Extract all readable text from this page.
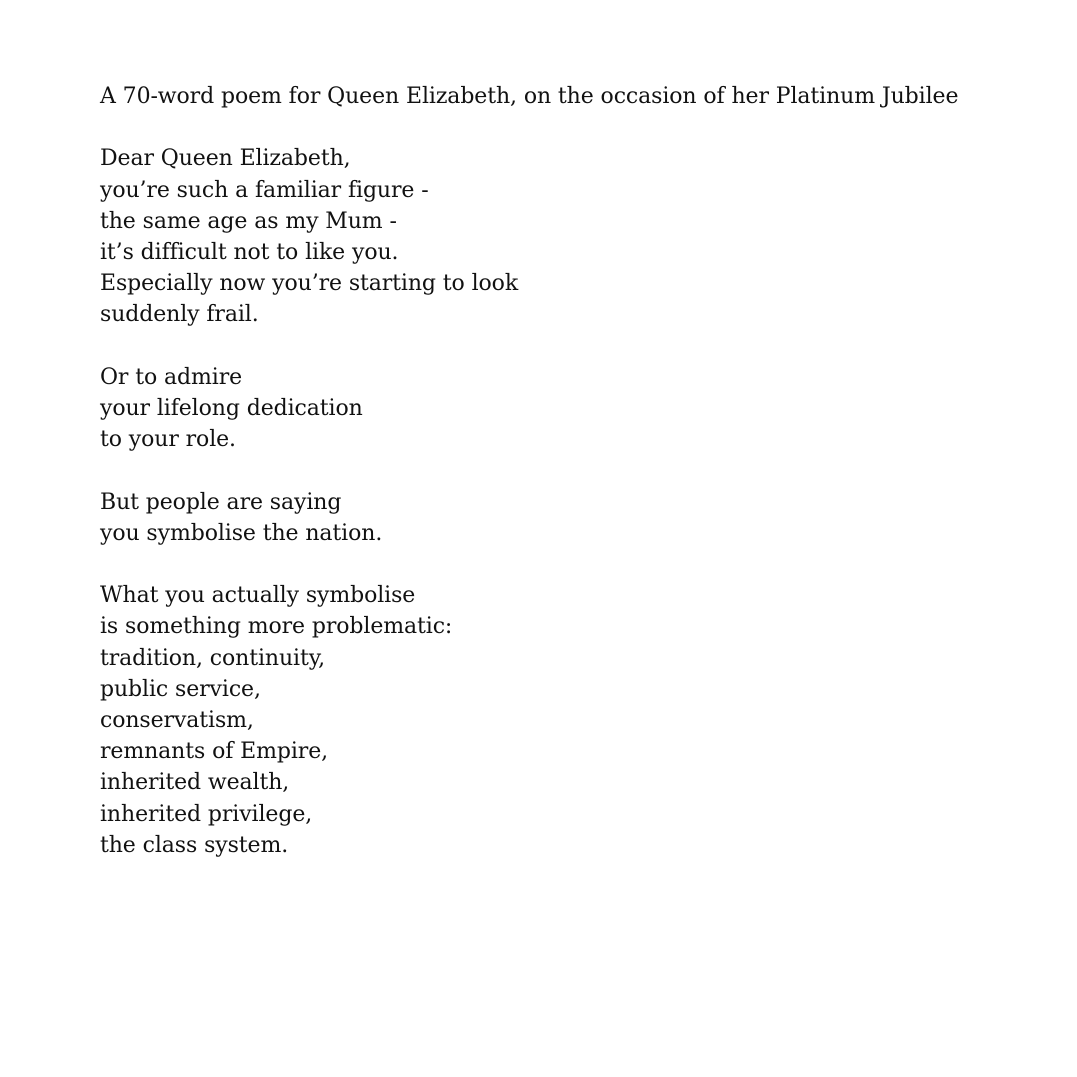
A 70-word poem for Queen Elizabeth, on the occasion of her Platinum Jubilee
Dear Queen Elizabeth,
you’re such a familiar figure -
the same age as my Mum -
it’s difficult not to like you.
Especially now you’re starting to look
suddenly frail.
Or to admire
your lifelong dedication
to your role.
But people are saying
you symbolise the nation.
What you actually symbolise
is something more problematic:
tradition, continuity,
public service,
conservatism,
remnants of Empire,
inherited wealth,
inherited privilege,
the class system.
